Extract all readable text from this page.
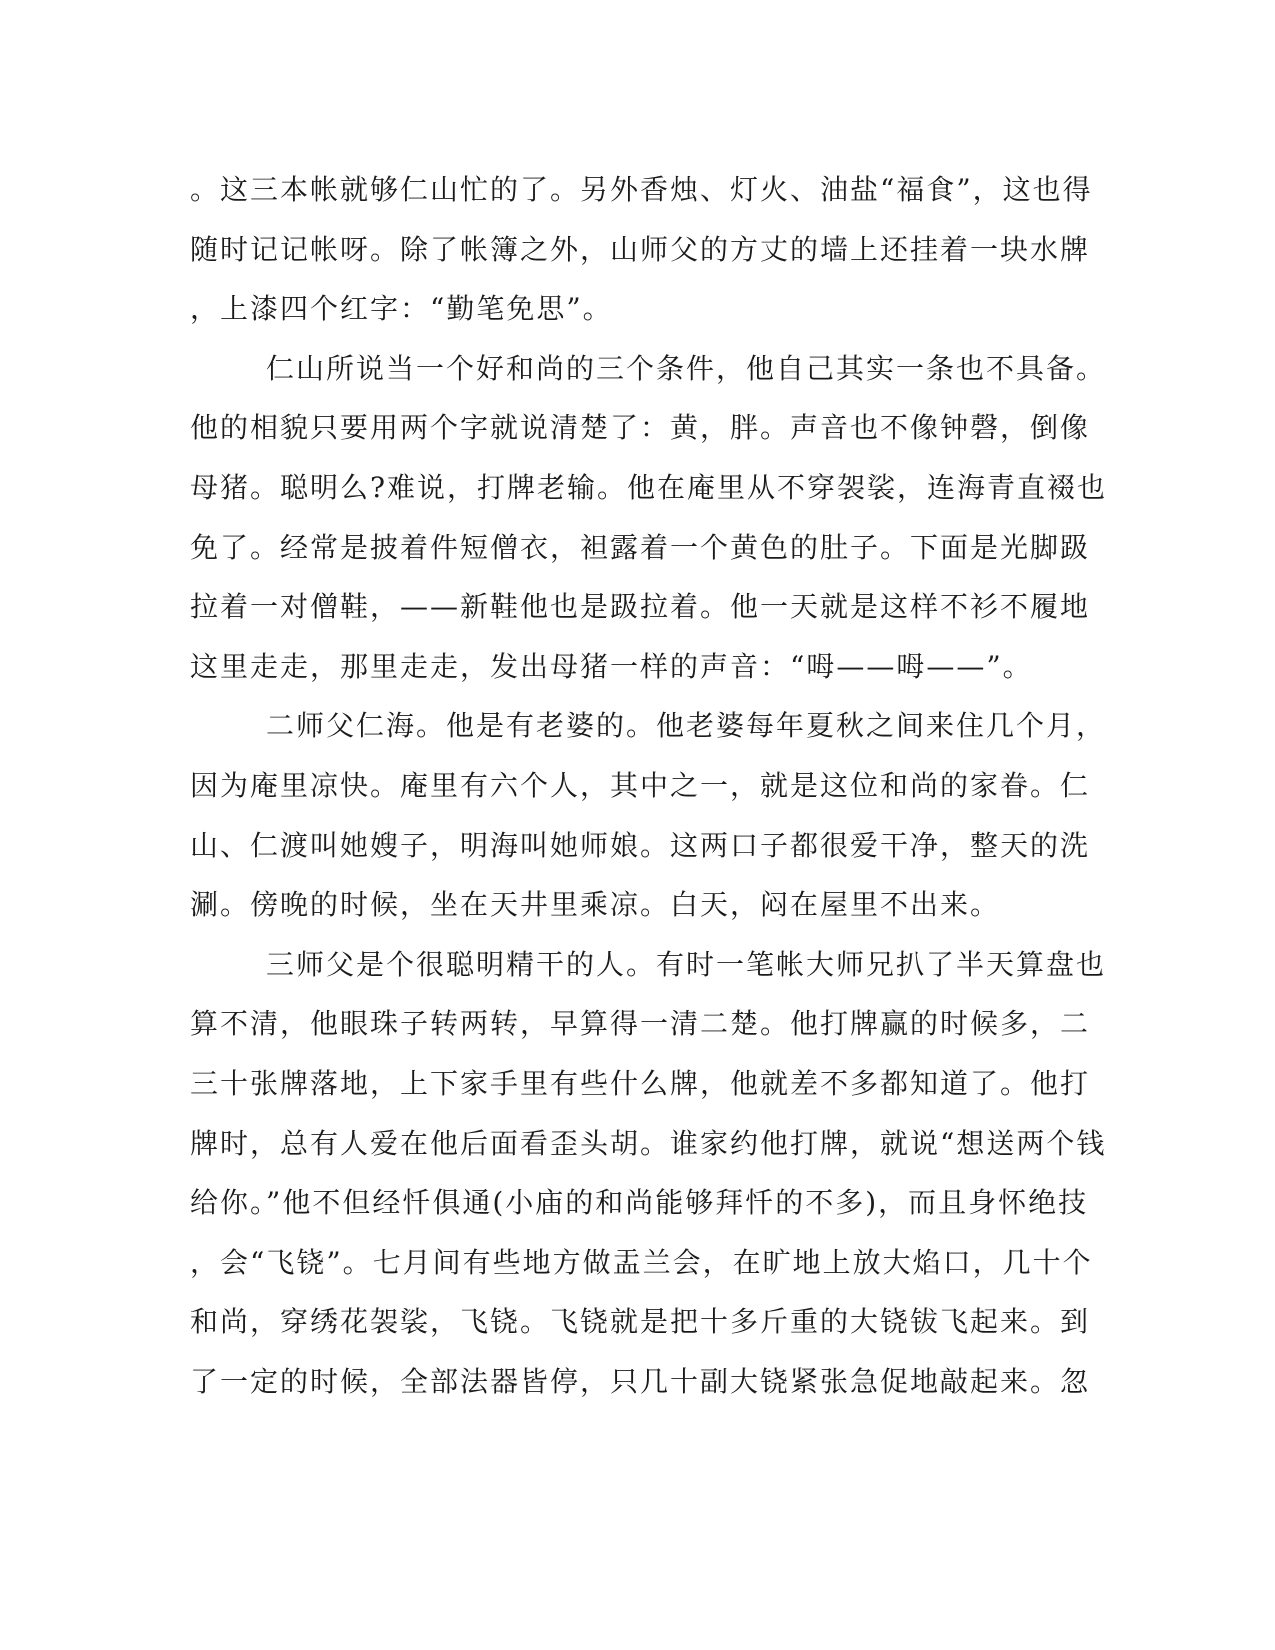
。这三本帐就够仁山忙的了。另外香烛、灯火、油盐“福食”，这也得
随时记记帐呀。除了帐簿之外，山师父的方丈的墙上还挂着一块水牌
，上漆四个红字：“勤笔免思”。
仁山所说当一个好和尚的三个条件，他自己其实一条也不具备。
他的相貌只要用两个字就说清楚了：黄，胖。声音也不像钟磬，倒像
母猪。聪明么?难说，打牌老输。他在庵里从不穿袈裟，连海青直裰也
免了。经常是披着件短僧衣，袒露着一个黄色的肚子。下面是光脚趿
拉着一对僧鞋，——新鞋他也是趿拉着。他一天就是这样不衫不履地
这里走走，那里走走，发出母猪一样的声音：“呣——呣——”。
二师父仁海。他是有老婆的。他老婆每年夏秋之间来住几个月，
因为庵里凉快。庵里有六个人，其中之一，就是这位和尚的家眷。仁
山、仁渡叫她嫂子，明海叫她师娘。这两口子都很爱干净，整天的洗
涮。傍晚的时候，坐在天井里乘凉。白天，闷在屋里不出来。
三师父是个很聪明精干的人。有时一笔帐大师兄扒了半天算盘也
算不清，他眼珠子转两转，早算得一清二楚。他打牌赢的时候多，二
三十张牌落地，上下家手里有些什么牌，他就差不多都知道了。他打
牌时，总有人爱在他后面看歪头胡。谁家约他打牌，就说“想送两个钱
给你。”他不但经忏俱通(小庙的和尚能够拜忏的不多)，而且身怀绝技
，会“飞铙”。七月间有些地方做盂兰会，在旷地上放大焰口，几十个
和尚，穿绣花袈裟，飞铙。飞铙就是把十多斤重的大铙钹飞起来。到
了一定的时候，全部法器皆停，只几十副大铙紧张急促地敲起来。忽
